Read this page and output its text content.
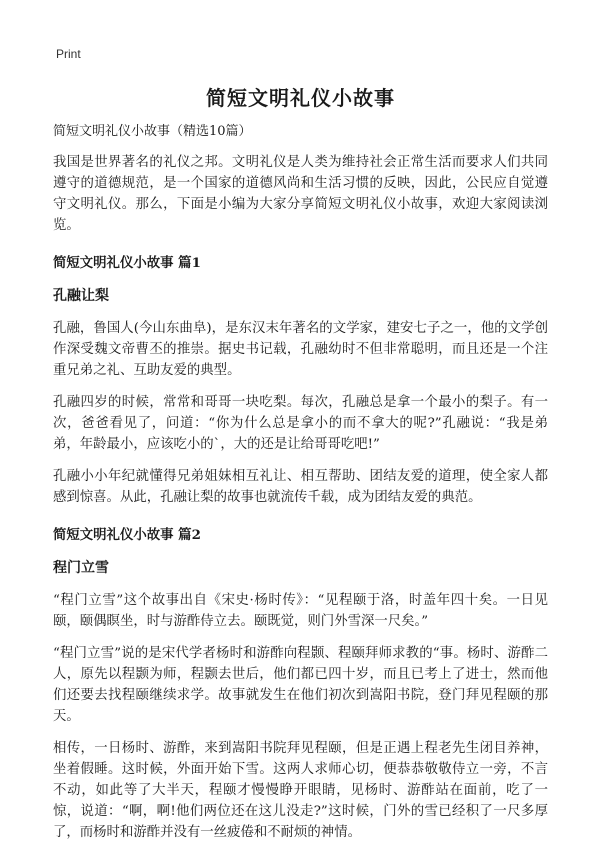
Print
简短文明礼仪小故事
简短文明礼仪小故事（精选10篇）

我国是世界著名的礼仪之邦。文明礼仪是人类为维持社会正常生活而要求人们共同遵守的道德规范，是一个国家的道德风尚和生活习惯的反映，因此，公民应自觉遵守文明礼仪。那么，下面是小编为大家分享简短文明礼仪小故事，欢迎大家阅读浏览。

简短文明礼仪小故事 篇1
孔融让梨

孔融，鲁国人(今山东曲阜)，是东汉末年著名的文学家，建安七子之一，他的文学创作深受魏文帝曹丕的推崇。据史书记载，孔融幼时不但非常聪明，而且还是一个注重兄弟之礼、互助友爱的典型。

孔融四岁的时候，常常和哥哥一块吃梨。每次，孔融总是拿一个最小的梨子。有一次，爸爸看见了，问道：“你为什么总是拿小的而不拿大的呢?”孔融说：“我是弟弟，年龄最小，应该吃小的`，大的还是让给哥哥吃吧!”

孔融小小年纪就懂得兄弟姐妹相互礼让、相互帮助、团结友爱的道理，使全家人都感到惊喜。从此，孔融让梨的故事也就流传千载，成为团结友爱的典范。

简短文明礼仪小故事 篇2
程门立雪

“程门立雪”这个故事出自《宋史·杨时传》：“见程颐于洛，时盖年四十矣。一日见颐，颐偶瞑坐，时与游酢侍立去。颐既觉，则门外雪深一尺矣。”

“程门立雪”说的是宋代学者杨时和游酢向程颢、程颐拜师求教的“事。杨时、游酢二人，原先以程颢为师，程颢去世后，他们都已四十岁，而且已考上了进士，然而他们还要去找程颐继续求学。故事就发生在他们初次到嵩阳书院，登门拜见程颐的那天。

相传，一日杨时、游酢，来到嵩阳书院拜见程颐，但是正遇上程老先生闭目养神，坐着假睡。这时候，外面开始下雪。这两人求师心切，便恭恭敬敬侍立一旁，不言不动，如此等了大半天，程颐才慢慢睁开眼睛，见杨时、游酢站在面前，吃了一惊，说道：“啊，啊!他们两位还在这儿没走?”这时候，门外的雪已经积了一尺多厚了，而杨时和游酢并没有一丝疲倦和不耐烦的神情。
